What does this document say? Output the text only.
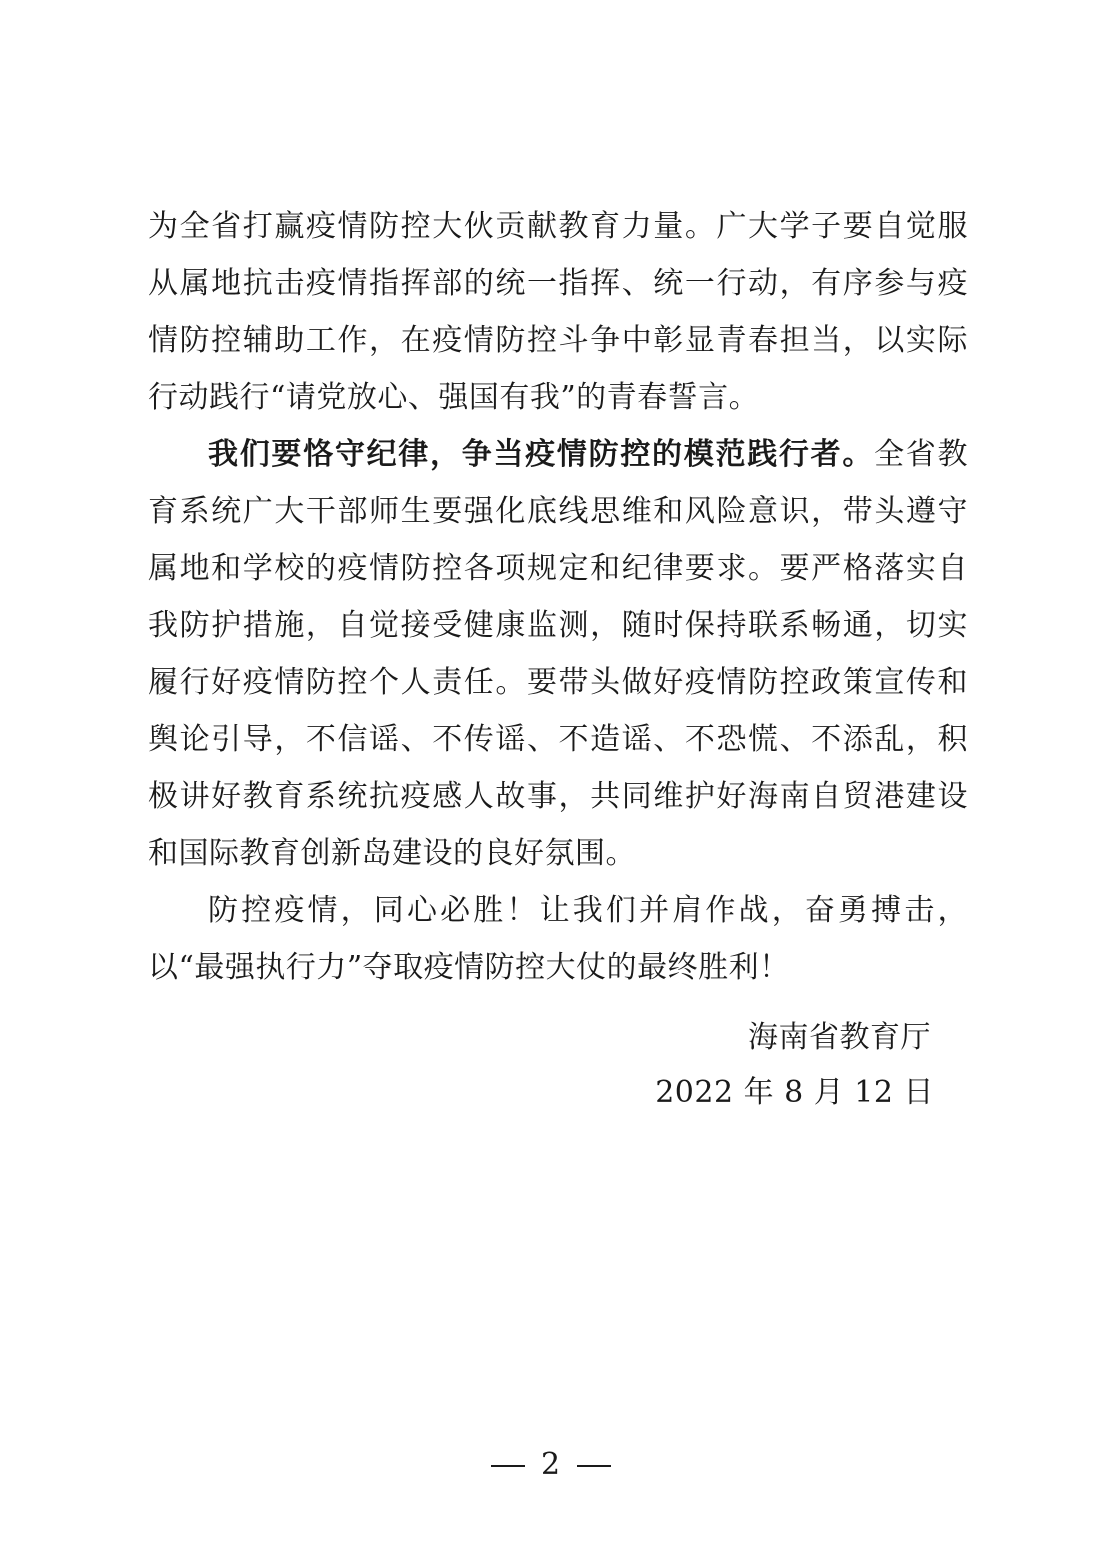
为全省打赢疫情防控大伙贡献教育力量。广大学子要自觉服从属地抗击疫情指挥部的统一指挥、统一行动，有序参与疫情防控辅助工作，在疫情防控斗争中彰显青春担当，以实际行动践行“请党放心、强国有我”的青春誓言。

我们要恪守纪律，争当疫情防控的模范践行者。全省教育系统广大干部师生要强化底线思维和风险意识，带头遵守属地和学校的疫情防控各项规定和纪律要求。要严格落实自我防护措施，自觉接受健康监测，随时保持联系畅通，切实履行好疫情防控个人责任。要带头做好疫情防控政策宣传和舆论引导，不信谣、不传谣、不造谣、不恐慌、不添乱，积极讲好教育系统抗疫感人故事，共同维护好海南自贸港建设和国际教育创新岛建设的良好氛围。

防控疫情，同心必胜！让我们并肩作战，奋勇搏击，以“最强执行力”夺取疫情防控大仗的最终胜利！

海南省教育厅
2022 年 8 月 12 日
2
